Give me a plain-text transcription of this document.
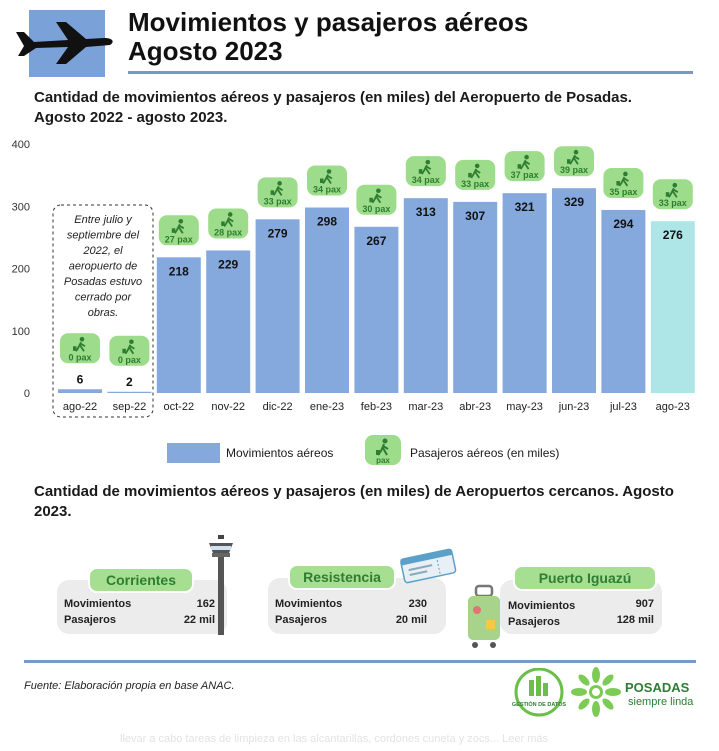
Movimientos y pasajeros aéreos
Agosto 2023
Cantidad de movimientos aéreos y pasajeros (en miles) del Aeropuerto de Posadas. Agosto 2022 - agosto 2023.
0
100
200
300
400
Entre julio y
septiembre del
2022, el
aeropuerto de
Posadas estuvo
cerrado por
obras.
6
0 pax
ago-22
2
0 pax
sep-22
218
27 pax
oct-22
229
28 pax
nov-22
279
33 pax
dic-22
298
34 pax
ene-23
267
30 pax
feb-23
313
34 pax
mar-23
307
33 pax
abr-23
321
37 pax
may-23
329
39 pax
jun-23
294
35 pax
jul-23
276
33 pax
ago-23
Movimientos aéreos
pax
Pasajeros aéreos (en miles)
Cantidad de movimientos aéreos y pasajeros (en miles) de Aeropuertos cercanos. Agosto 2023.
Corrientes
Movimientos	162
Pasajeros	22 mil
Resistencia
Movimientos	230
Pasajeros	20 mil
Puerto Iguazú
Movimientos	907
Pasajeros	128 mil
Fuente: Elaboración propia en base ANAC.
GESTIÓN DE DATOS
POSADAS
siempre linda
llevar a cabo tareas de limpieza en las alcantarillas, cordones cuneta y zocs... Leer más
